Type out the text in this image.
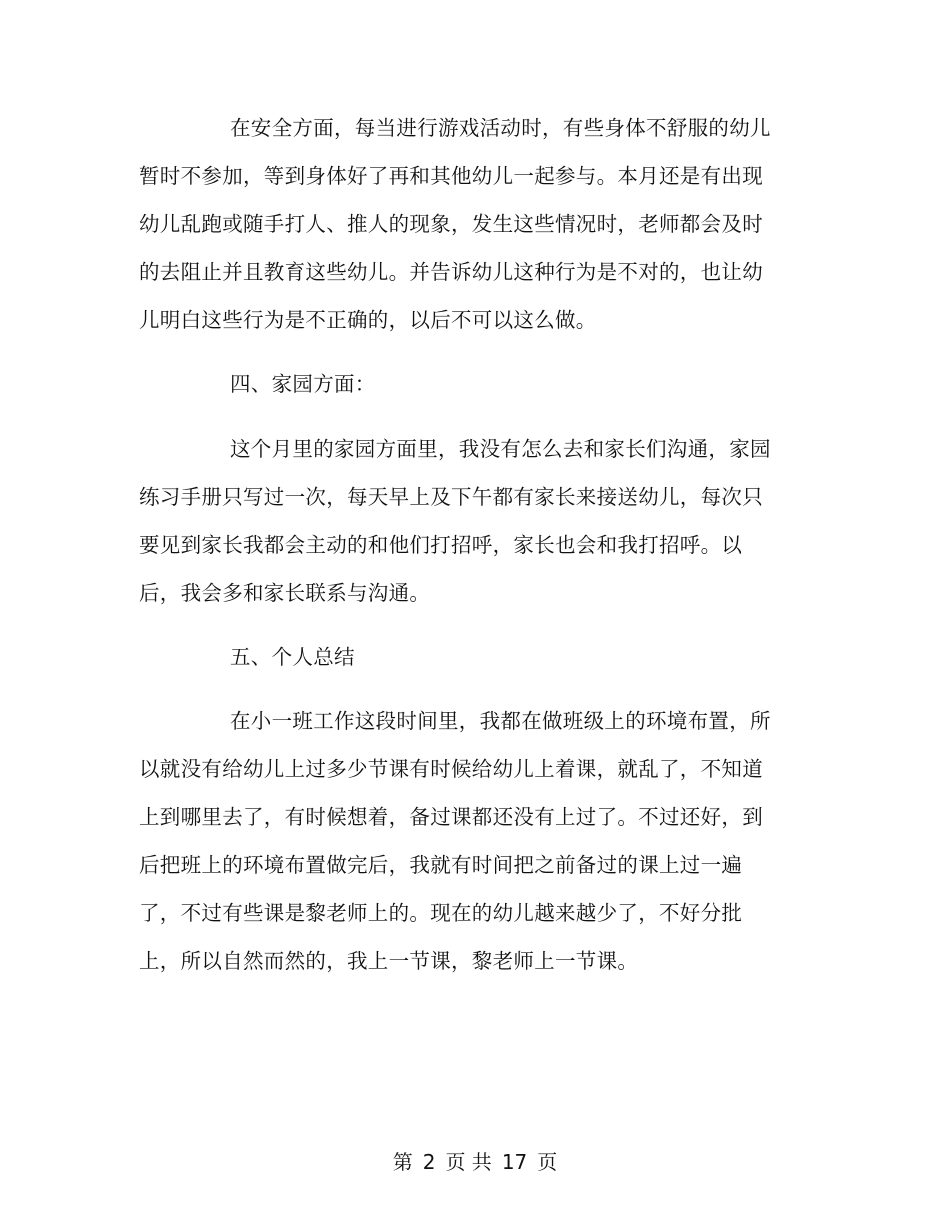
在安全方面，每当进行游戏活动时，有些身体不舒服的幼儿
暂时不参加，等到身体好了再和其他幼儿一起参与。本月还是有出现
幼儿乱跑或随手打人、推人的现象，发生这些情况时，老师都会及时
的去阻止并且教育这些幼儿。并告诉幼儿这种行为是不对的，也让幼
儿明白这些行为是不正确的，以后不可以这么做。
四、家园方面：
这个月里的家园方面里，我没有怎么去和家长们沟通，家园
练习手册只写过一次，每天早上及下午都有家长来接送幼儿，每次只
要见到家长我都会主动的和他们打招呼，家长也会和我打招呼。以
后，我会多和家长联系与沟通。
五、个人总结
在小一班工作这段时间里，我都在做班级上的环境布置，所
以就没有给幼儿上过多少节课有时候给幼儿上着课，就乱了，不知道
上到哪里去了，有时候想着，备过课都还没有上过了。不过还好，到
后把班上的环境布置做完后，我就有时间把之前备过的课上过一遍
了，不过有些课是黎老师上的。现在的幼儿越来越少了，不好分批
上，所以自然而然的，我上一节课，黎老师上一节课。
第 2 页 共 17 页
